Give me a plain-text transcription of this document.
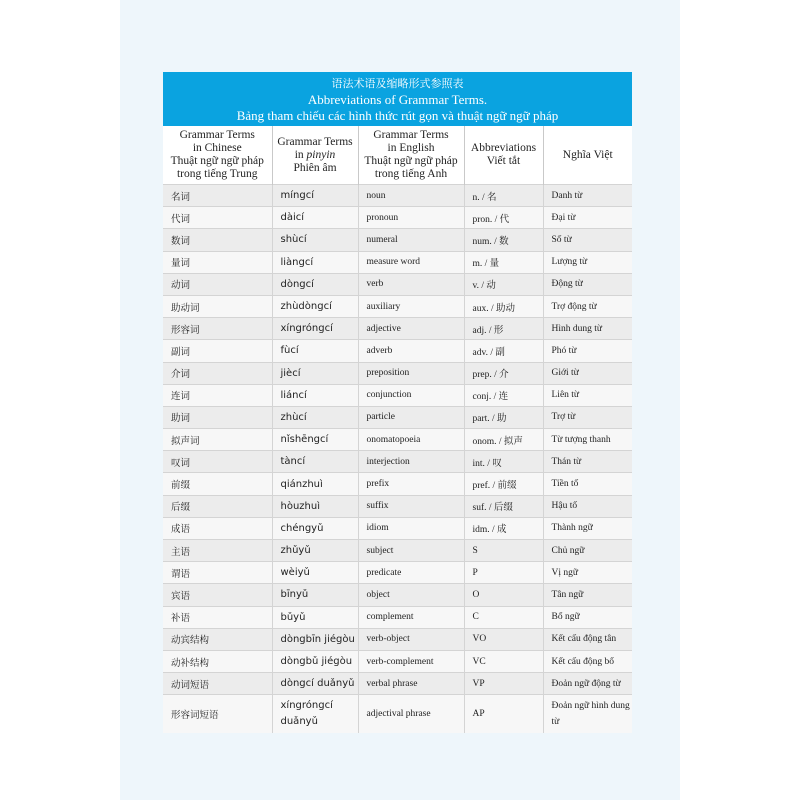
语法术语及缩略形式参照表
Abbreviations of Grammar Terms.
Bảng tham chiếu các hình thức rút gọn và thuật ngữ ngữ pháp
Grammar Terms
in Chinese
Thuật ngữ ngữ pháp
trong tiếng Trung	Grammar Terms
in pinyin
Phiên âm	Grammar Terms
in English
Thuật ngữ ngữ pháp
trong tiếng Anh	Abbreviations
Viết tắt	Nghĩa Việt
名词	míngcí	noun	n. / 名	Danh từ
代词	dàicí	pronoun	pron. / 代	Đại từ
数词	shùcí	numeral	num. / 数	Số từ
量词	liàngcí	measure word	m. / 量	Lượng từ
动词	dòngcí	verb	v. / 动	Động từ
助动词	zhùdòngcí	auxiliary	aux. / 助动	Trợ động từ
形容词	xíngróngcí	adjective	adj. / 形	Hình dung từ
副词	fùcí	adverb	adv. / 副	Phó từ
介词	jiècí	preposition	prep. / 介	Giới từ
连词	liáncí	conjunction	conj. / 连	Liên từ
助词	zhùcí	particle	part. / 助	Trợ từ
拟声词	nǐshēngcí	onomatopoeia	onom. / 拟声	Từ tượng thanh
叹词	tàncí	interjection	int. / 叹	Thán từ
前缀	qiánzhuì	prefix	pref. / 前缀	Tiền tố
后缀	hòuzhuì	suffix	suf. / 后缀	Hậu tố
成语	chéngyǔ	idiom	idm. / 成	Thành ngữ
主语	zhǔyǔ	subject	S	Chủ ngữ
谓语	wèiyǔ	predicate	P	Vị ngữ
宾语	bīnyǔ	object	O	Tân ngữ
补语	bǔyǔ	complement	C	Bổ ngữ
动宾结构	dòngbīn jiégòu	verb-object	VO	Kết cấu động tân
动补结构	dòngbǔ jiégòu	verb-complement	VC	Kết cấu động bổ
动词短语	dòngcí duǎnyǔ	verbal phrase	VP	Đoản ngữ động từ
形容词短语	xíngróngcí duǎnyǔ	adjectival phrase	AP	Đoản ngữ hình dung từ
